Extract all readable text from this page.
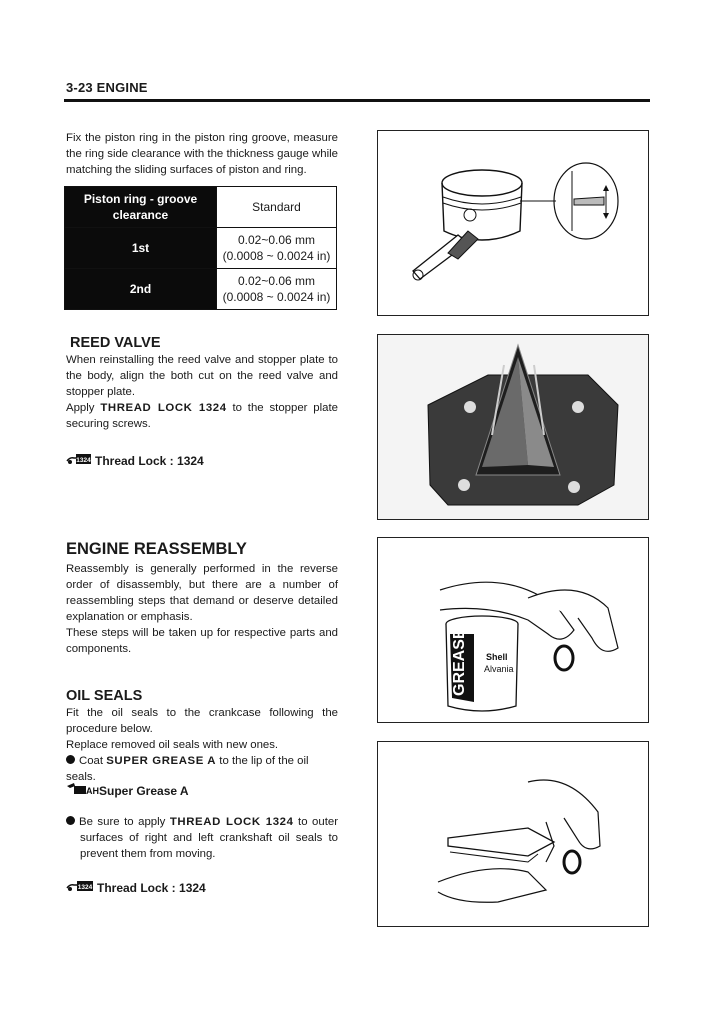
3-23 ENGINE

Fix the piston ring in the piston ring groove, measure the ring side clearance with the thickness gauge while matching the sliding surfaces of piston and ring.

Piston ring - groove clearance	Standard
1st	0.02~0.06 mm
(0.0008 ~ 0.0024 in)

2nd	0.02~0.06 mm
(0.0008 ~ 0.0024 in)
REED VALVE

When reinstalling the reed valve and stopper plate to the body, align the both cut on the reed valve and stopper plate.

Apply THREAD LOCK 1324 to the stopper plate securing screws.

1324 Thread Lock : 1324
ENGINE REASSEMBLY

Reassembly is generally performed in the reverse order of disassembly, but there are a number of reassembling steps that demand or deserve detailed explanation or emphasis.

These steps will be taken up for respective parts and components.

OIL SEALS

Fit the oil seals to the crankcase following the procedure below.

Replace removed oil seals with new ones.

Coat SUPER GREASE A to the lip of the oil seals.

AH Super Grease A

Be sure to apply THREAD LOCK 1324 to outer surfaces of right and left crankshaft oil seals to prevent them from moving.

1324 Thread Lock : 1324
GREASE Shell
Alvania
